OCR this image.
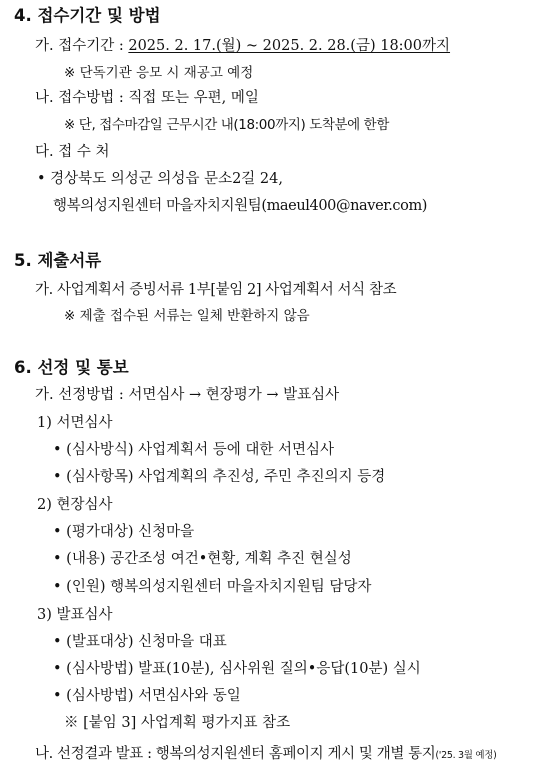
4. 접수기간 및 방법
가. 접수기간 : 2025. 2. 17.(월) ~ 2025. 2. 28.(금) 18:00까지
※ 단독기관 응모 시 재공고 예정
나. 접수방법 : 직접 또는 우편, 메일
※ 단, 접수마감일 근무시간 내(18:00까지) 도착분에 한함
다. 접 수 처
• 경상북도 의성군 의성읍 문소2길 24,
행복의성지원센터 마을자치지원팀(maeul400@naver.com)
5. 제출서류
가. 사업계획서 증빙서류 1부[붙임 2] 사업계획서 서식 참조
※ 제출 접수된 서류는 일체 반환하지 않음
6. 선정 및 통보
가. 선정방법 : 서면심사 → 현장평가 → 발표심사
1) 서면심사
• (심사방식) 사업계획서 등에 대한 서면심사
• (심사항목) 사업계획의 추진성, 주민 추진의지 등경
2) 현장심사
• (평가대상) 신청마을
• (내용) 공간조성 여건•현황, 계획 추진 현실성
• (인원) 행복의성지원센터 마을자치지원팀 담당자
3) 발표심사
• (발표대상) 신청마을 대표
• (심사방법) 발표(10분), 심사위원 질의•응답(10분) 실시
• (심사방법) 서면심사와 동일
※ [붙임 3] 사업계획 평가지표 참조
나. 선정결과 발표 : 행복의성지원센터 홈페이지 게시 및 개별 통지('25. 3월 예정)
